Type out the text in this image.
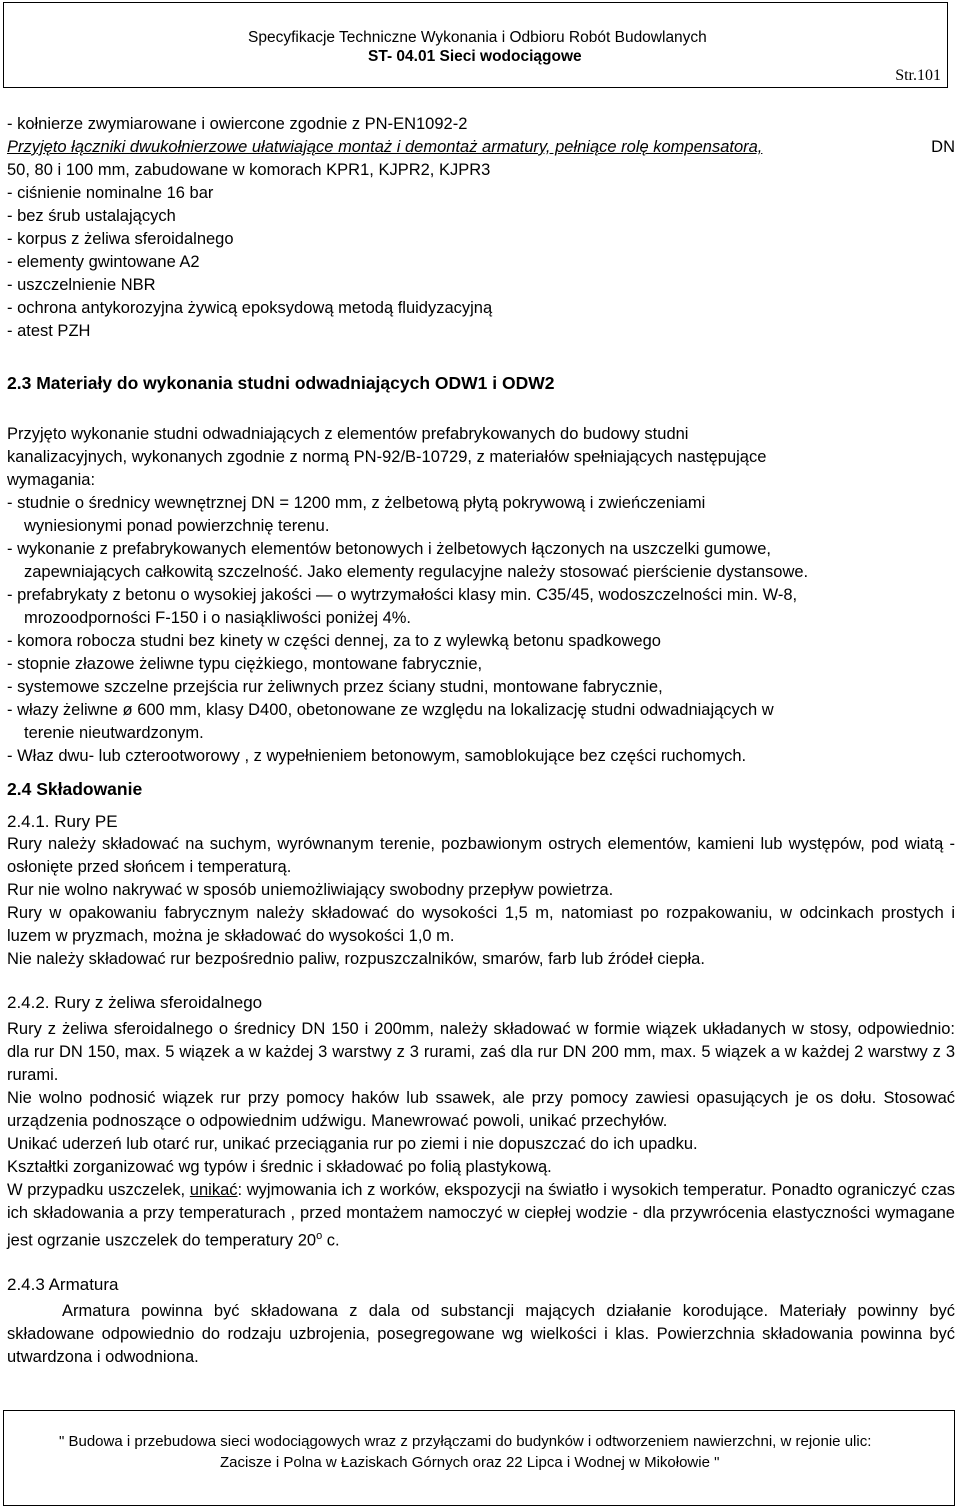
Specyfikacje Techniczne Wykonania i Odbioru Robót Budowlanych
ST- 04.01 Sieci wodociągowe
Str.101
- kołnierze zwymiarowane i owiercone zgodnie z PN-EN1092-2
Przyjęto łączniki dwukołnierzowe ułatwiające montaż i demontaż armatury, pełniące rolę kompensatora,	DN
50, 80 i 100 mm, zabudowane w komorach KPR1, KJPR2, KJPR3
- ciśnienie nominalne 16 bar
- bez śrub ustalających
- korpus z żeliwa sferoidalnego
- elementy gwintowane A2
- uszczelnienie NBR
- ochrona antykorozyjna żywicą epoksydową metodą fluidyzacyjną
- atest PZH
2.3 Materiały do wykonania studni odwadniających ODW1 i ODW2
Przyjęto wykonanie studni odwadniających z elementów prefabrykowanych do budowy studni
kanalizacyjnych, wykonanych zgodnie z normą PN-92/B-10729, z materiałów spełniających następujące
wymagania:
- studnie o średnicy wewnętrznej DN = 1200 mm, z żelbetową płytą pokrywową i zwieńczeniami
wyniesionymi ponad powierzchnię terenu.
- wykonanie z prefabrykowanych elementów betonowych i żelbetowych łączonych na uszczelki gumowe,
zapewniających całkowitą szczelność. Jako elementy regulacyjne należy stosować pierścienie dystansowe.
- prefabrykaty z betonu o wysokiej jakości — o wytrzymałości klasy min. C35/45, wodoszczelności min. W-8,
mrozoodporności F-150 i o nasiąkliwości poniżej 4%.
- komora robocza studni bez kinety w części dennej, za to z wylewką betonu spadkowego
- stopnie złazowe żeliwne typu ciężkiego, montowane fabrycznie,
- systemowe szczelne przejścia rur żeliwnych przez ściany studni, montowane fabrycznie,
- włazy żeliwne ø 600 mm, klasy D400, obetonowane ze względu na lokalizację studni odwadniających w
terenie nieutwardzonym.
- Właz dwu- lub czterootworowy , z wypełnieniem betonowym, samoblokujące bez części ruchomych.
2.4 Składowanie
2.4.1. Rury PE
Rury należy składować na suchym, wyrównanym terenie, pozbawionym ostrych elementów, kamieni lub występów, pod wiatą - osłonięte przed słońcem i temperaturą.
Rur nie wolno nakrywać w sposób uniemożliwiający swobodny przepływ powietrza.
Rury w opakowaniu fabrycznym należy składować do wysokości 1,5 m, natomiast po rozpakowaniu, w odcinkach prostych i luzem w pryzmach, można je składować do wysokości 1,0 m.
Nie należy składować rur bezpośrednio paliw, rozpuszczalników, smarów, farb lub źródeł ciepła.
2.4.2. Rury z żeliwa sferoidalnego
Rury z żeliwa sferoidalnego o średnicy DN 150 i 200mm, należy składować w formie wiązek układanych w stosy, odpowiednio: dla rur DN 150, max. 5 wiązek a w każdej 3 warstwy z 3 rurami, zaś dla rur DN 200 mm, max. 5 wiązek a w każdej 2 warstwy z 3 rurami.
Nie wolno podnosić wiązek rur przy pomocy haków lub ssawek, ale przy pomocy zawiesi opasujących je os dołu. Stosować urządzenia podnoszące o odpowiednim udźwigu. Manewrować powoli, unikać przechyłów.
Unikać uderzeń lub otarć rur, unikać przeciągania rur po ziemi i nie dopuszczać do ich upadku.
Kształtki zorganizować wg typów i średnic i składować po folią plastykową.
W przypadku uszczelek, unikać: wyjmowania ich z worków, ekspozycji na światło i wysokich temperatur. Ponadto ograniczyć czas ich składowania a przy temperaturach , przed montażem namoczyć w ciepłej wodzie - dla przywrócenia elastyczności wymagane jest ogrzanie uszczelek do temperatury 20$^o$ c.
2.4.3 Armatura
Armatura powinna być składowana z dala od substancji mających działanie korodujące. Materiały powinny być składowane odpowiednio do rodzaju uzbrojenia, posegregowane wg wielkości i klas. Powierzchnia składowania powinna być utwardzona i odwodniona.
" Budowa i przebudowa sieci wodociągowych wraz z przyłączami do budynków i odtworzeniem nawierzchni, w rejonie ulic:
Zacisze i Polna w Łaziskach Górnych oraz 22 Lipca i Wodnej w Mikołowie "
